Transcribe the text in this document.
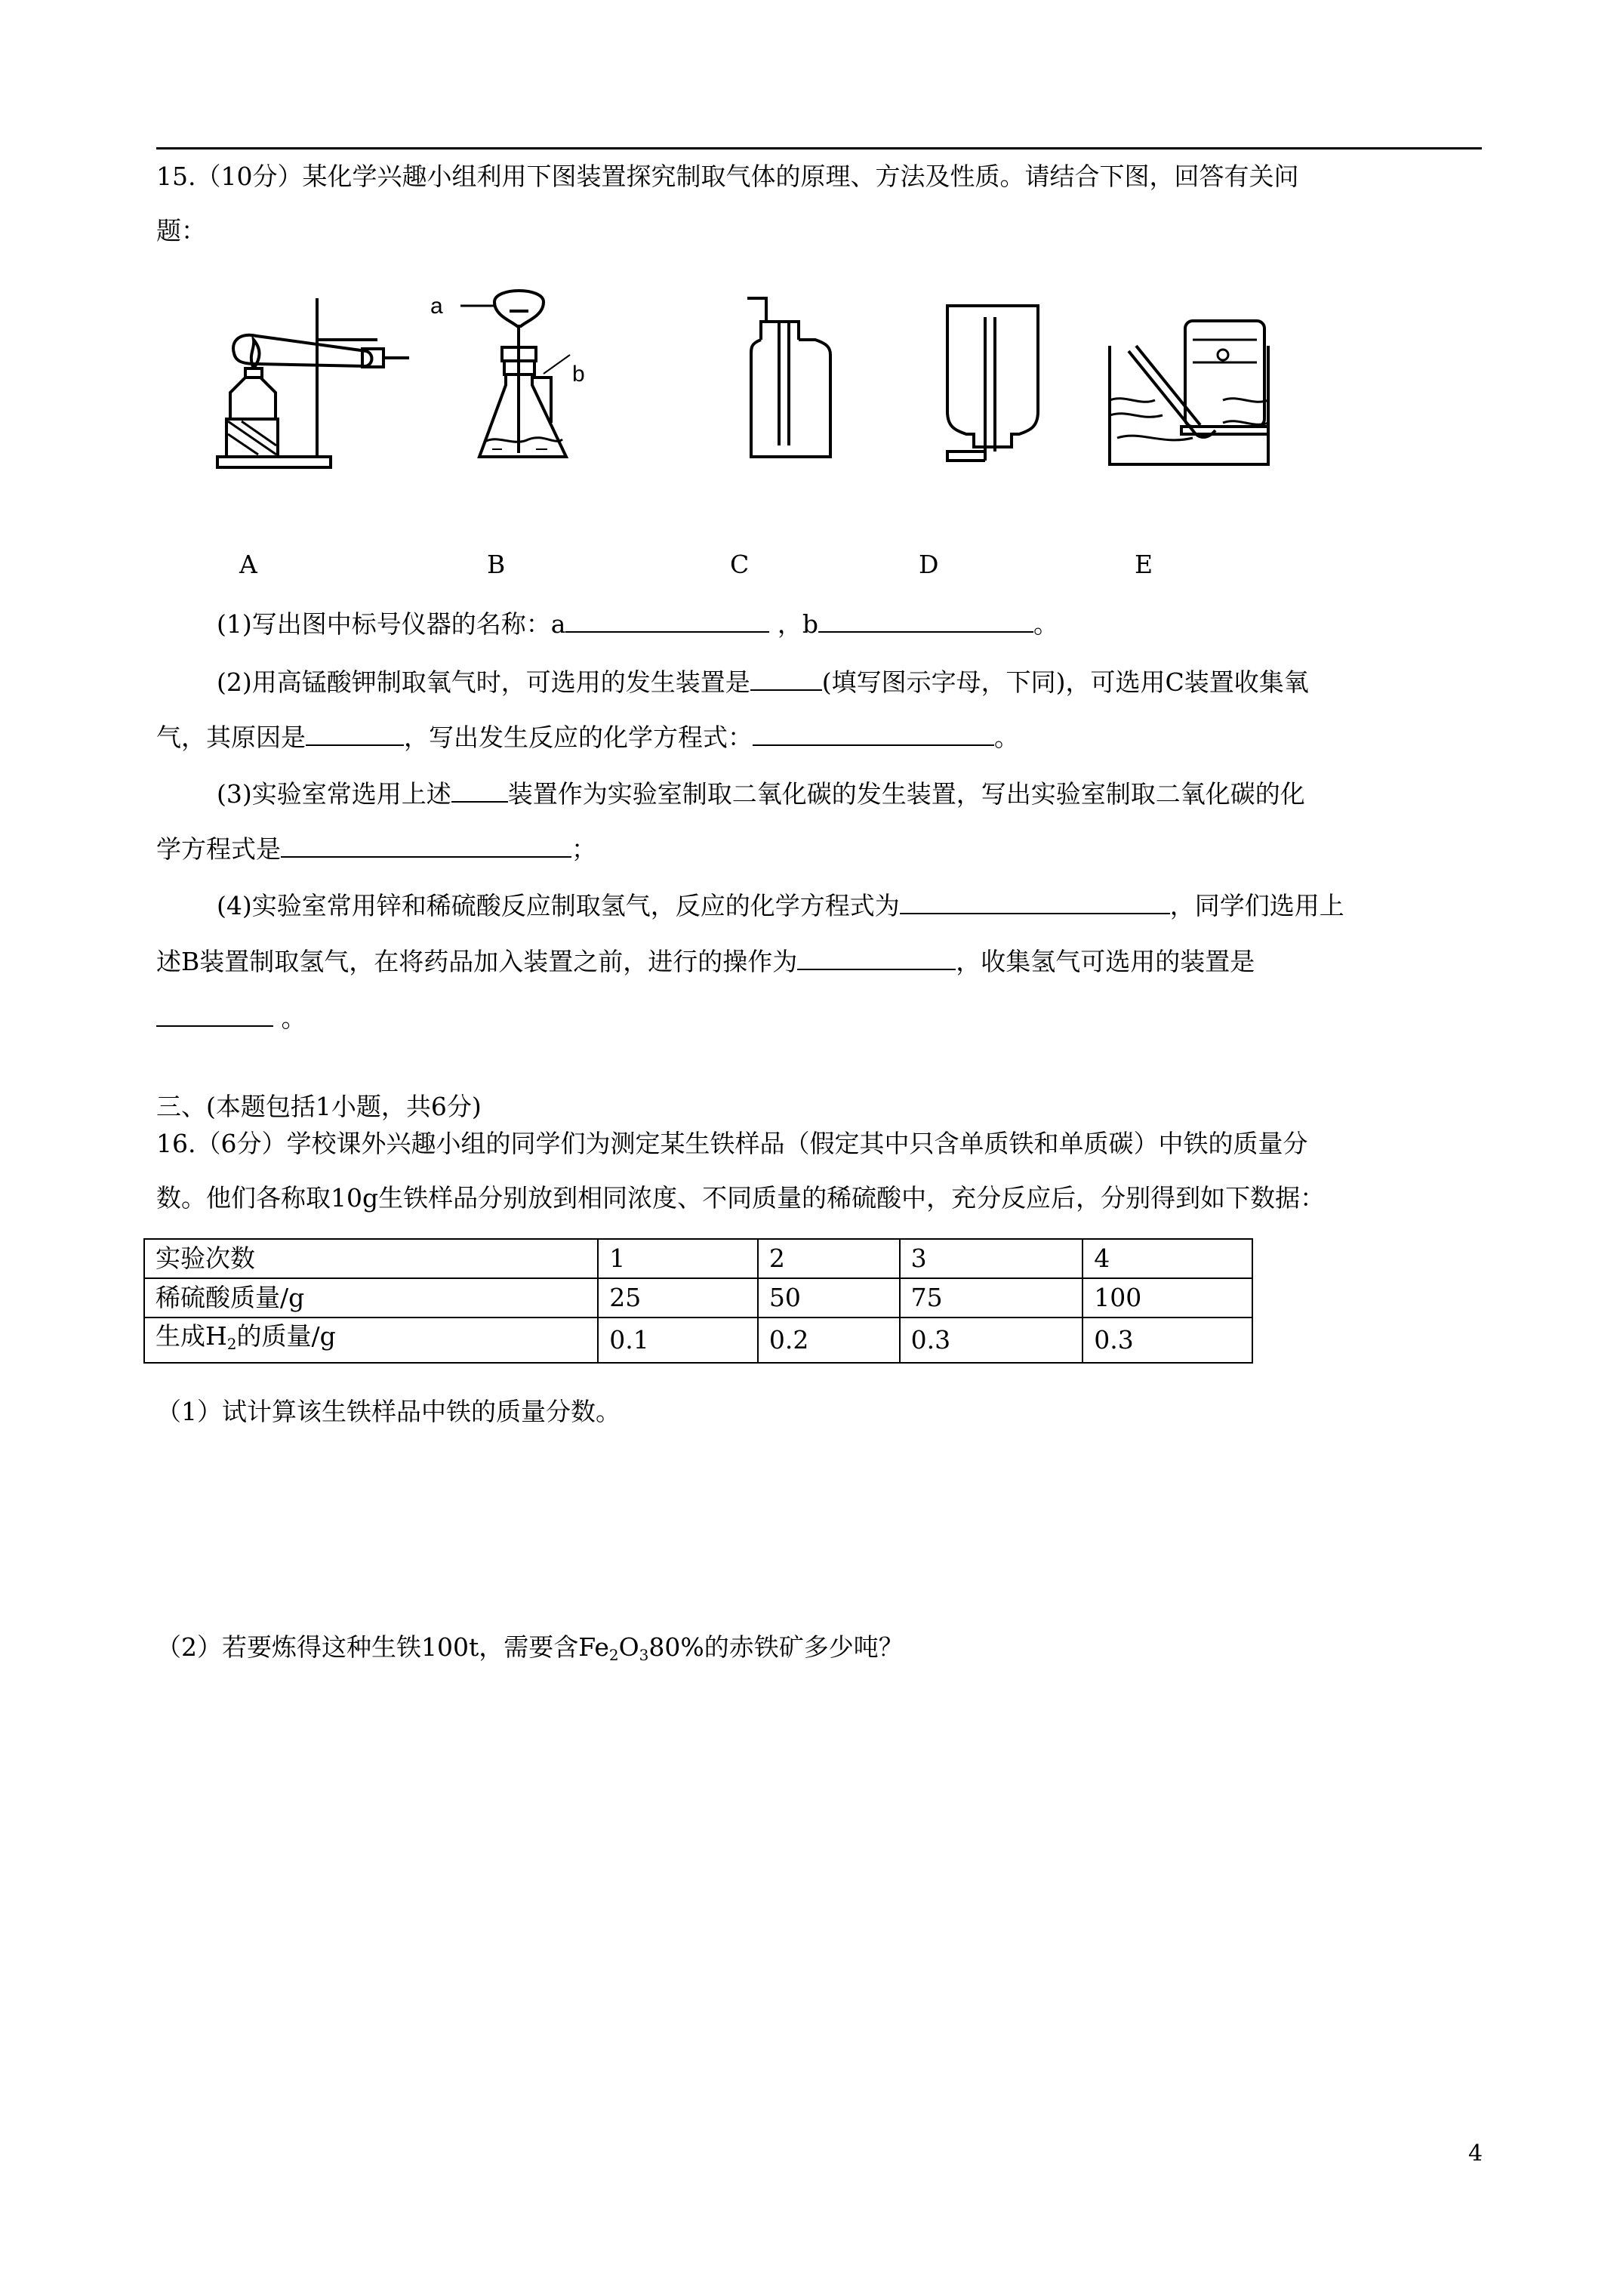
15.（10分）某化学兴趣小组利用下图装置探究制取气体的原理、方法及性质。请结合下图，回答有关问
题：
a
b
A	B	C	D	E
(1)写出图中标号仪器的名称：a	，b	。
(2)用高锰酸钾制取氧气时，可选用的发生装置是	(填写图示字母，下同)，可选用C装置收集氧
气，其原因是	，写出发生反应的化学方程式：	。
(3)实验室常选用上述 装置作为实验室制取二氧化碳的发生装置，写出实验室制取二氧化碳的化
学方程式是	；
(4)实验室常用锌和稀硫酸反应制取氢气，反应的化学方程式为	，同学们选用上
述B装置制取氢气，在将药品加入装置之前，进行的操作为	，收集氢气可选用的装置是
。
三、(本题包括1小题，共6分)
16.（6分）学校课外兴趣小组的同学们为测定某生铁样品（假定其中只含单质铁和单质碳）中铁的质量分
数。他们各称取10g生铁样品分别放到相同浓度、不同质量的稀硫酸中，充分反应后，分别得到如下数据：
实验次数	1	2	3	4
稀硫酸质量/g	25	50	75	100
生成$H_2$的质量/g	0.1	0.2	0.3	0.3
（1）试计算该生铁样品中铁的质量分数。
（2）若要炼得这种生铁100t，需要含$Fe_2O_380\%$的赤铁矿多少吨？
4
